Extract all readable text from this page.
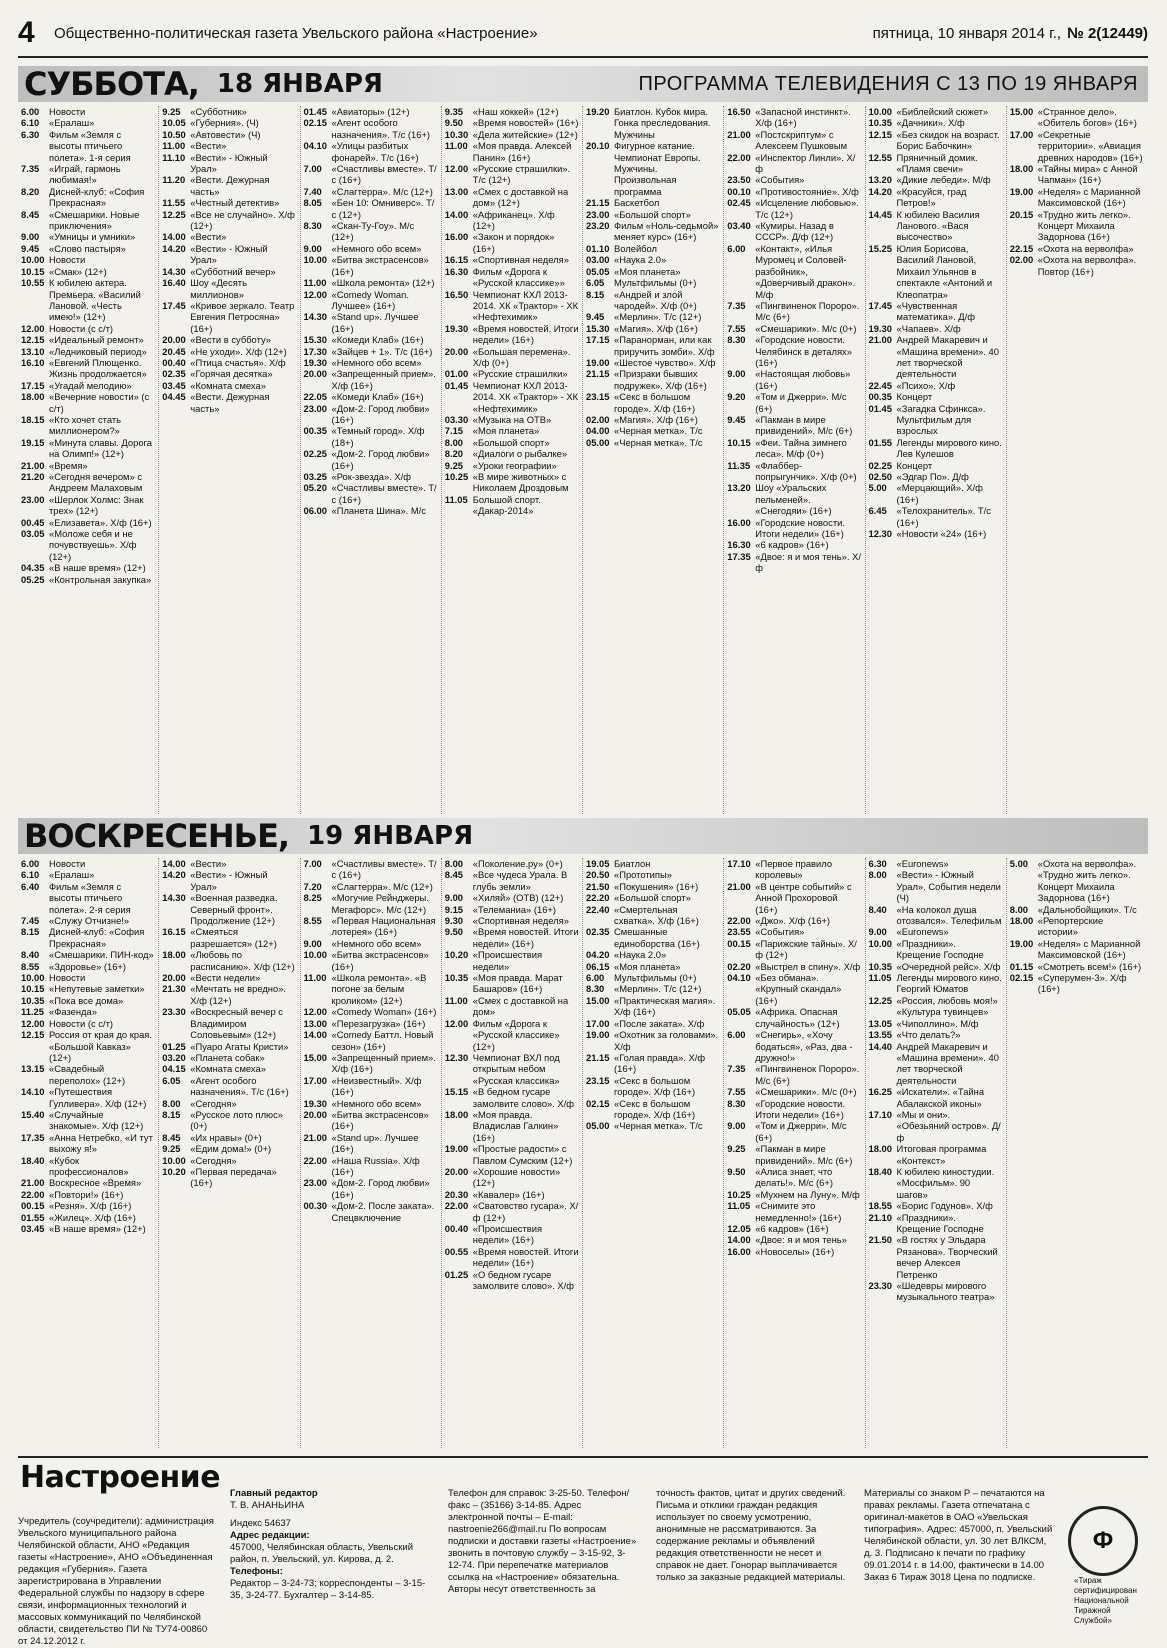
4	Общественно-политическая газета Увельского района «Настроение»	пятница, 10 января 2014 г., № 2(12449)
СУББОТА, 18 ЯНВАРЯ	ПРОГРАММА ТЕЛЕВИДЕНИЯ С 13 ПО 19 ЯНВАРЯ
6.00	Новости
6.10	«Ералаш»
6.30	Фильм «Земля с высоты птичьего полета». 1-я серия
7.35	«Играй, гармонь любимая!»
8.20	Дисней-клуб: «София Прекрасная»
8.45	«Смешарики. Новые приключения»
9.00	«Умницы и умники»
9.45	«Слово пастыря»
10.00 Новости
10.15 «Смак» (12+)
10.55 К юбилею актера. Премьера. «Василий Лановой. «Честь имею!» (12+)
12.00 Новости (с с/т)
12.15 «Идеальный ремонт»
13.10 «Ледниковый период»
16.10 «Евгений Плющенко. Жизнь продолжается»
17.15 «Угадай мелодию»
18.00 «Вечерние новости» (с с/т)
18.15 «Кто хочет стать миллионером?»
19.15 «Минута славы. Дорога на Олимп!» (12+)
21.00 «Время»
21.20 «Сегодня вечером» с Андреем Малаховым
23.00 «Шерлок Холмс: Знак трех» (12+)
00.45 «Елизавета». Х/ф (16+)
03.05 «Моложе себя и не почувствуешь». Х/ф (12+)
04.35 «В наше время» (12+)
05.25 «Контрольная закупка»
9.25	«Субботник»
10.05 «Губерния». (Ч)
10.50 «Автовести» (Ч)
11.00 «Вести»
11.10 «Вести» - Южный Урал»
11.20 «Вести. Дежурная часть»
11.55 «Честный детектив»
12.25 «Все не случайно». Х/ф (12+)
14.00 «Вести»
14.20 «Вести» - Южный Урал»
14.30 «Субботний вечер»
16.40 Шоу «Десять миллионов»
17.45 «Кривое зеркало. Театр Евгения Петросяна» (16+)
20.00 «Вести в субботу»
20.45 «Не уходи». Х/ф (12+)
00.40 «Птица счастья». Х/ф
02.35 «Горячая десятка»
03.45 «Комната смеха»
04.45 «Вести. Дежурная часть»
01.45 «Авиаторы» (12+)
02.15 «Агент особого назначения». Т/с (16+)
04.10 «Улицы разбитых фонарей». Т/с (16+)
7.00	«Счастливы вместе». Т/с (16+)
7.40	«Слагтерра». М/с (12+)
8.05	«Бен 10: Омниверс». Т/с (12+)
8.30	«Скан-Ту-Гоу». М/с (12+)
9.00	«Немного обо всем»
10.00 «Битва экстрасенсов» (16+)
11.00 «Школа ремонта» (12+)
12.00 «Comedy Woman. Лучшее» (16+)
14.30 «Stand up». Лучшее (16+)
15.30 «Комеди Клаб» (16+)
17.30 «Зайцев + 1». Т/с (16+)
19.30 «Немного обо всем»
20.00 «Запрещенный прием». Х/ф (16+)
22.05 «Комеди Клаб» (16+)
23.00 «Дом-2. Город любви» (16+)
00.35 «Темный город». Х/ф (18+)
02.25 «Дом-2. Город любви» (16+)
03.25 «Рок-звезда». Х/ф
05.20 «Счастливы вместе». Т/с (16+)
06.00 «Планета Шина». М/с
9.35	«Наш хоккей» (12+)
9.50	«Время новостей» (16+)
10.30 «Дела житейские» (12+)
11.00 «Моя правда. Алексей Панин» (16+)
12.00 «Русские страшилки». Т/с (12+)
13.00 «Смех с доставкой на дом» (12+)
14.00 «Африканец». Х/ф (12+)
16.00 «Закон и порядок» (16+)
16.15 «Спортивная неделя»
16.30 Фильм «Дорога к «Русской классике»»
16.50 Чемпионат КХЛ 2013-2014. ХК «Трактор» - ХК «Нефтехимик»
19.30 «Время новостей. Итоги недели» (16+)
20.00 «Большая перемена». Х/ф (0+)
01.00 «Русские страшилки»
01.45 Чемпионат КХЛ 2013-2014. ХК «Трактор» - ХК «Нефтехимик»
03.30 «Музыка на ОТВ»
7.15	«Моя планета»
8.00	«Большой спорт»
8.20	«Диалоги о рыбалке»
9.25	«Уроки географии»
10.25 «В мире животных» с Николаем Дроздовым
11.05 Большой спорт. «Дакар-2014»
19.20 Биатлон. Кубок мира. Гонка преследования. Мужчины
20.10 Фигурное катание. Чемпионат Европы. Мужчины. Произвольная программа
21.15 Баскетбол
23.00 «Большой спорт»
23.20 Фильм «Ноль-седьмой» меняет курс» (16+)
01.10 Волейбол
03.00 «Наука 2.0»
05.05 «Моя планета»
6.05	Мультфильмы (0+)
8.15	«Андрей и злой чародей». Х/ф (0+)
9.45	«Мерлин». Т/с (12+)
15.30 «Магия». Х/ф (16+)
17.15 «Паранорман, или как приручить зомби». Х/ф
19.00 «Шестое чувство». Х/ф
21.15 «Призраки бывших подружек». Х/ф (16+)
23.15 «Секс в большом городе». Х/ф (16+)
02.00 «Магия». Х/ф (16+)
04.00 «Черная метка». Т/с
05.00 «Черная метка». Т/с
16.50 «Запасной инстинкт». Х/ф (16+)
21.00 «Постскриптум» с Алексеем Пушковым
22.00 «Инспектор Линли». Х/ф
23.50 «События»
00.10 «Противостояние». Х/ф
02.45 «Исцеление любовью». Т/с (12+)
03.40 «Кумиры. Назад в СССР». Д/ф (12+)
6.00	«Контакт», «Илья Муромец и Соловей-разбойник», «Доверчивый дракон». М/ф
7.35	«Пингвиненок Пороро». М/с (6+)
7.55	«Смешарики». М/с (0+)
8.30	«Городские новости. Челябинск в деталях» (16+)
9.00	«Настоящая любовь» (16+)
9.20	«Том и Джерри». М/с (6+)
9.45	«Пакман в мире привидений». М/с (6+)
10.15 «Феи. Тайна зимнего леса». М/ф (0+)
11.35 «Флаббер-попрыгунчик». Х/ф (0+)
13.20 Шоу «Уральских пельменей». «Снегодяи» (16+)
16.00 «Городские новости. Итоги недели» (16+)
16.30 «6 кадров» (16+)
17.35 «Двое: я и моя тень». Х/ф
10.00 «Библейский сюжет»
10.35 «Дачники». Х/ф
12.15 «Без скидок на возраст. Борис Бабочкин»
12.55 Пряничный домик. «Пламя свечи»
13.20 «Дикие лебеди». М/ф
14.20 «Красуйся, град Петров!»
14.45 К юбилею Василия Ланового. «Вася высочество»
15.25 Юлия Борисова, Василий Лановой, Михаил Ульянов в спектакле «Антоний и Клеопатра»
17.45 «Чувственная математика». Д/ф
19.30 «Чапаев». Х/ф
21.00 Андрей Макаревич и «Машина времени». 40 лет творческой деятельности
22.45 «Психо». Х/ф
00.35 Концерт
01.45 «Загадка Сфинкса». Мультфильм для взрослых
01.55 Легенды мирового кино. Лев Кулешов
02.25 Концерт
02.50 «Эдгар По». Д/ф
5.00	«Мерцающий». Х/ф (16+)
6.45	«Телохранитель». Т/с (16+)
12.30 «Новости «24» (16+)
15.00 «Странное дело». «Обитель богов» (16+)
17.00 «Секретные территории». «Авиация древних народов» (16+)
18.00 «Тайны мира» с Анной Чапман» (16+)
19.00 «Неделя» с Марианной Максимовской (16+)
20.15 «Трудно жить легко». Концерт Михаила Задорнова (16+)
22.15 «Охота на верволфа»
02.00 «Охота на верволфа». Повтор (16+)
ВОСКРЕСЕНЬЕ, 19 ЯНВАРЯ
6.00	Новости
6.10	«Ералаш»
6.40	Фильм «Земля с высоты птичьего полета». 2-я серия
7.45	«Служу Отчизне!»
8.15	Дисней-клуб: «София Прекрасная»
8.40	«Смешарики. ПИН-код»
8.55	«Здоровье» (16+)
10.00 Новости
10.15 «Непутевые заметки»
10.35 «Пока все дома»
11.25 «Фазенда»
12.00 Новости (с с/т)
12.15 Россия от края до края. «Большой Кавказ» (12+)
13.15 «Свадебный переполох» (12+)
14.10 «Путешествия Гулливера». Х/ф (12+)
15.40 «Случайные знакомые». Х/ф (12+)
17.35 «Анна Нетребко. «И тут выхожу я!»
18.40 «Кубок профессионалов»
21.00 Воскресное «Время»
22.00 «Повтори!» (16+)
00.15 «Резня». Х/ф (16+)
01.55 «Жилец». Х/ф (16+)
03.45 «В наше время» (12+)
14.00 «Вести»
14.20 «Вести» - Южный Урал»
14.30 «Военная разведка. Северный фронт». Продолжение (12+)
16.15 «Смеяться разрешается» (12+)
18.00 «Любовь по расписанию». Х/ф (12+)
20.00 «Вести недели»
21.30 «Мечтать не вредно». Х/ф (12+)
23.30 «Воскресный вечер с Владимиром Соловьевым» (12+)
01.25 «Пуаро Агаты Кристи»
03.20 «Планета собак»
04.15 «Комната смеха»
6.05	«Агент особого назначения». Т/с (16+)
8.00	«Сегодня»
8.15	«Русское лото плюс» (0+)
8.45	«Их нравы» (0+)
9.25	«Едим дома!» (0+)
10.00 «Сегодня»
10.20 «Первая передача» (16+)
7.00	«Счастливы вместе». Т/с (16+)
7.20	«Слагтерра». М/с (12+)
8.25	«Могучие Рейнджеры. Мегафорс». М/с (12+)
8.55	«Первая Национальная лотерея» (16+)
9.00	«Немного обо всем»
10.00 «Битва экстрасенсов» (16+)
11.00 «Школа ремонта». «В погоне за белым кроликом» (12+)
12.00 «Comedy Woman» (16+)
13.00 «Перезагрузка» (16+)
14.00 «Comedy Баттл. Новый сезон» (16+)
15.00 «Запрещенный прием». Х/ф (16+)
17.00 «Неизвестный». Х/ф (16+)
19.30 «Немного обо всем»
20.00 «Битва экстрасенсов» (16+)
21.00 «Stand up». Лучшее (16+)
22.00 «Наша Russia». Х/ф (16+)
23.00 «Дом-2. Город любви» (16+)
00.30 «Дом-2. После заката». Спецвключение
8.00	«Поколение.ру» (0+)
8.45	«Все чудеса Урала. В глубь земли»
9.00	«Хиляй» (ОТВ) (12+)
9.15	«Телеманиа» (16+)
9.30	«Спортивная неделя»
9.50	«Время новостей. Итоги недели» (16+)
10.20 «Происшествия недели»
10.35 «Моя правда. Марат Башаров» (16+)
11.00 «Смех с доставкой на дом»
12.00 Фильм «Дорога к «Русской классике» (12+)
12.30 Чемпионат ВХЛ под открытым небом «Русская классика»
15.15 «В бедном гусаре замолвите слово». Х/ф
18.00 «Моя правда. Владислав Галкин» (16+)
19.00 «Простые радости» с Павлом Сумским (12+)
20.00 «Хорошие новости» (12+)
20.30 «Кавалер» (16+)
22.00 «Сватовство гусара». Х/ф (12+)
00.40 «Происшествия недели» (16+)
00.55 «Время новостей. Итоги недели» (16+)
01.25 «О бедном гусаре замолвите слово». Х/ф
19.05 Биатлон
20.50 «Прототипы»
21.50 «Покушения» (16+)
22.20 «Большой спорт»
22.40 «Смертельная схватка». Х/ф (16+)
02.35 Смешанные единоборства (16+)
04.20 «Наука 2.0»
06.15 «Моя планета»
6.00	Мультфильмы (0+)
8.30	«Мерлин». Т/с (12+)
15.00 «Практическая магия». Х/ф (16+)
17.00 «После заката». Х/ф
19.00 «Охотник за головами». Х/ф
21.15 «Голая правда». Х/ф (16+)
23.15 «Секс в большом городе». Х/ф (16+)
02.15 «Секс в большом городе». Х/ф (16+)
05.00 «Черная метка». Т/с
17.10 «Первое правило королевы»
21.00 «В центре событий» с Анной Прохоровой (16+)
22.00 «Джо». Х/ф (16+)
23.55 «События»
00.15 «Парижские тайны». Х/ф (12+)
02.20 «Выстрел в спину». Х/ф
04.10 «Без обмана». «Крупный скандал» (16+)
05.05 «Африка. Опасная случайность» (12+)
6.00	«Снегирь», «Хочу бодаться», «Раз, два - дружно!»
7.35	«Пингвиненок Пороро». М/с (6+)
7.55	«Смешарики». М/с (0+)
8.30	«Городские новости. Итоги недели» (16+)
9.00	«Том и Джерри». М/с (6+)
9.25	«Пакман в мире привидений». М/с (6+)
9.50	«Алиса знает, что делать!». М/с (6+)
10.25 «Мухнем на Луну». М/ф
11.05 «Снимите это немедленно!» (16+)
12.05 «6 кадров» (16+)
14.00 «Двое: я и моя тень»
16.00 «Новоселы» (16+)
6.30	«Euronews»
8.00	«Вести» - Южный Урал». События недели (Ч)
8.40	«На колокол душа отозвался». Телефильм
9.00	«Euronews»
10.00 «Праздники». Крещение Господне
10.35 «Очередной рейс». Х/ф
11.05 Легенды мирового кино. Георгий Юматов
12.25 «Россия, любовь моя!» «Культура тувинцев»
13.05 «Чиполлино». М/ф
13.55 «Что делать?»
14.40 Андрей Макаревич и «Машина времени». 40 лет творческой деятельности
16.25 «Искатели». «Тайна Абалакской иконы»
17.10 «Мы и они». «Обезьяний остров». Д/ф
18.00 Итоговая программа «Контекст»
18.40 К юбилею киностудии. «Мосфильм». 90 шагов»
18.55 «Борис Годунов». Х/ф
21.10 «Праздники». Крещение Господне
21.50 «В гостях у Эльдара Рязанова». Творческий вечер Алексея Петренко
23.30 «Шедевры мирового музыкального театра»
5.00	«Охота на верволфа». «Трудно жить легко». Концерт Михаила Задорнова (16+)
8.00	«Дальнобойщики». Т/с
18.00 «Репортерские истории»
19.00 «Неделя» с Марианной Максимовской (16+)
01.15 «Смотреть всем!» (16+)
02.15 «Суперумен-3». Х/ф (16+)
Настроение
Учредитель (соучредители): администрация Увельского муниципального района Челябинской области, АНО «Редакция газеты «Настроение», АНО «Объединенная редакция «Губерния». Газета зарегистрирована в Управлении Федеральной службы по надзору в сфере связи, информационных технологий и массовых коммуникаций по Челябинской области, свидетельство ПИ № ТУ74-00860 от 24.12.2012 г.
Главный редактор
Т. В. АНАНЬИНА
Индекс 54637
Адрес редакции:
457000, Челябинская область, Увельский район, п. Увельский, ул. Кирова, д. 2.
Телефоны:
Редактор – 3-24-73; корреспонденты – 3-15-35, 3-24-77. Бухгалтер – 3-14-85.
Телефон для справок: 3-25-50. Телефон/факс – (35166) 3-14-85. Адрес электронной почты – E-mail: nastroenie266@mail.ru По вопросам подписки и доставки газеты «Настроение» звонить в почтовую службу – 3-15-92, 3-12-74. При перепечатке материалов ссылка на «Настроение» обязательна. Авторы несут ответственность за
точность фактов, цитат и других сведений. Письма и отклики граждан редакция использует по своему усмотрению, анонимные не рассматриваются. За содержание рекламы и объявлений редакция ответственности не несет и справок не дает. Гонорар выплачивается только за заказные редакцией материалы.
Материалы со знаком Р – печатаются на правах рекламы. Газета отпечатана с оригинал-макетов в ОАО «Увельская типография». Адрес: 457000, п. Увельский Челябинской области, ул. 30 лет ВЛКСМ, д. 3. Подписано к печати по графику 09.01.2014 г. в 14.00, фактически в 14.00 Заказ 6 Тираж 3018 Цена по подписке.
Ф
«Тираж сертифицирован Национальной Тиражной Службой»
